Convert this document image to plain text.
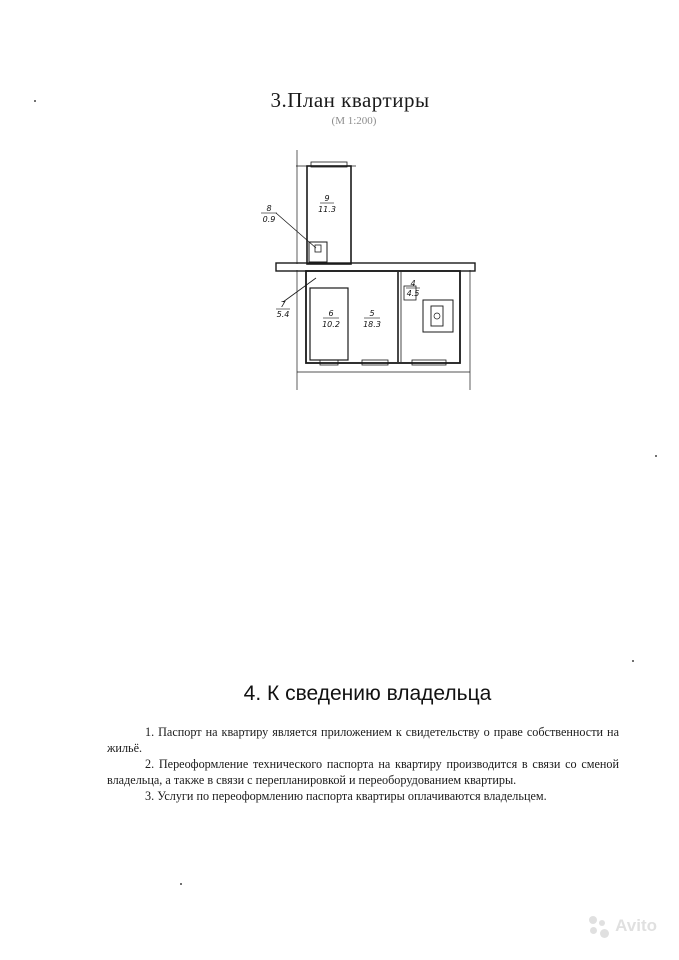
3.План квартиры
(М 1:200)
9
11.3
8
0.9
7
5.4	6
10.2
5
18.3
4
4.5
4. К сведению владельца

1. Паспорт на квартиру является приложением к свидетельству о праве собственности на жильё.

2. Переоформление технического паспорта на квартиру производится в связи со сменой владельца, а также в связи с перепланировкой и переоборудованием квартиры.

3. Услуги по переоформлению паспорта квартиры оплачиваются владельцем.

Avito
